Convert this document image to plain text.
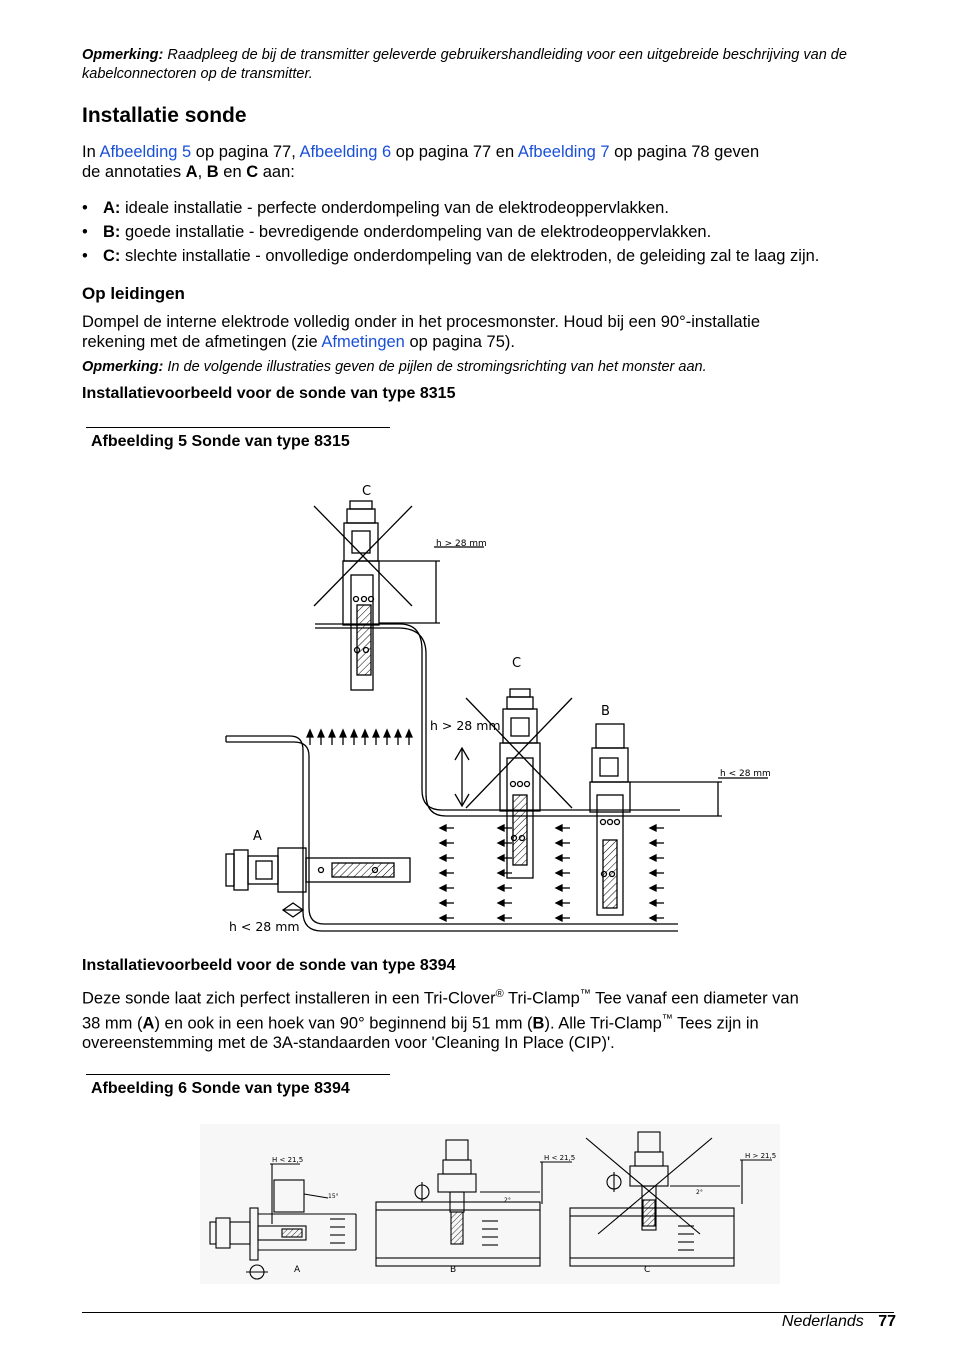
Opmerking: Raadpleeg de bij de transmitter geleverde gebruikershandleiding voor een uitgebreide beschrijving van de kabelconnectoren op de transmitter.
Installatie sonde
In Afbeelding 5 op pagina 77, Afbeelding 6 op pagina 77 en Afbeelding 7 op pagina 78 geven
de annotaties A, B en C aan:
• A: ideale installatie - perfecte onderdompeling van de elektrodeoppervlakken.
• B: goede installatie - bevredigende onderdompeling van de elektrodeoppervlakken.
• C: slechte installatie - onvolledige onderdompeling van de elektroden, de geleiding zal te laag zijn.
Op leidingen
Dompel de interne elektrode volledig onder in het procesmonster. Houd bij een 90°-installatie
rekening met de afmetingen (zie Afmetingen op pagina 75).
Opmerking: In de volgende illustraties geven de pijlen de stromingsrichting van het monster aan.
Installatievoorbeeld voor de sonde van type 8315
Afbeelding 5 Sonde van type 8315
C
h > 28 mm
C
h > 28 mm
B
h < 28 mm
A
h < 28 mm
Installatievoorbeeld voor de sonde van type 8394
Deze sonde laat zich perfect installeren in een Tri-Clover® Tri-Clamp™ Tee vanaf een diameter van
38 mm (A) en ook in een hoek van 90° beginnend bij 51 mm (B). Alle Tri-Clamp™ Tees zijn in
overeenstemming met de 3A-standaarden voor 'Cleaning In Place (CIP)'.
Afbeelding 6 Sonde van type 8394
H < 21,5
15°
A
H < 21,5
2°
B
H > 21,5
2°
C
Nederlands 77
